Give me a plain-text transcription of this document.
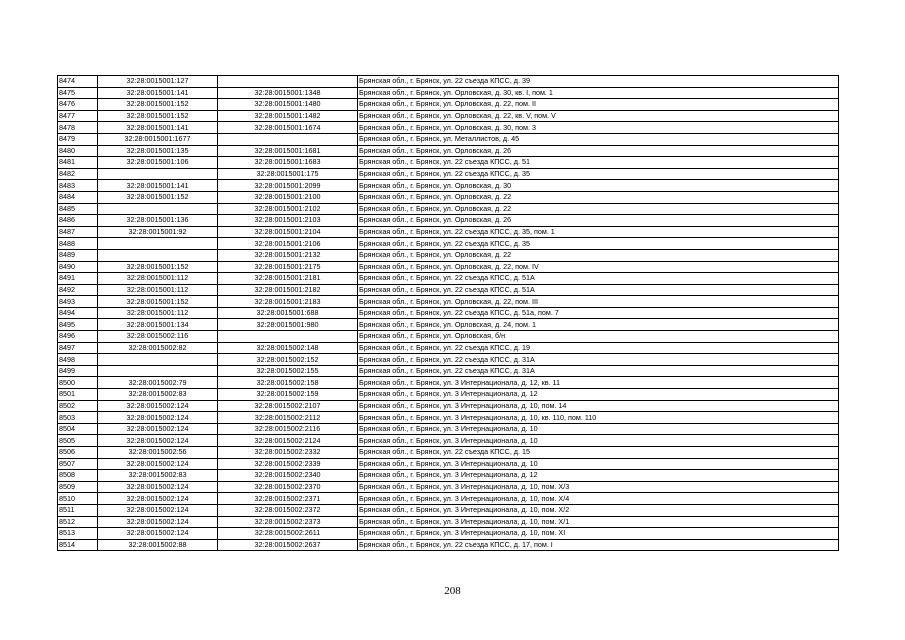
8474	32:28:0015001:127		Брянская обл., г. Брянск, ул. 22 съезда КПСС, д. 39
8475	32:28:0015001:141	32:28:0015001:1348	Брянская обл., г. Брянск, ул. Орловская, д. 30, кв. I, пом. 1
8476	32:28:0015001:152	32:28:0015001:1480	Брянская обл., г. Брянск, ул. Орловская, д. 22, пом. II
8477	32:28:0015001:152	32:28:0015001:1482	Брянская обл., г. Брянск, ул. Орловская, д. 22, кв. V, пом. V
8478	32:28:0015001:141	32:28:0015001:1674	Брянская обл., г. Брянск, ул. Орловская, д. 30, пом. 3
8479	32:28:0015001:1677		Брянская обл., г. Брянск, ул. Металлистов, д. 45
8480	32:28:0015001:135	32:28:0015001:1681	Брянская обл., г. Брянск, ул. Орловская, д. 26
8481	32:28:0015001:106	32:28:0015001:1683	Брянская обл., г. Брянск, ул. 22 съезда КПСС, д. 51
8482		32:28:0015001:175	Брянская обл., г. Брянск, ул. 22 съезда КПСС, д. 35
8483	32:28:0015001:141	32:28:0015001:2099	Брянская обл., г. Брянск, ул. Орловская, д. 30
8484	32:28:0015001:152	32:28:0015001:2100	Брянская обл., г. Брянск, ул. Орловская, д. 22
8485		32:28:0015001:2102	Брянская обл., г. Брянск, ул. Орловская, д. 22
8486	32:28:0015001:136	32:28:0015001:2103	Брянская обл., г. Брянск, ул. Орловская, д. 26
8487	32:28:0015001:92	32:28:0015001:2104	Брянская обл., г. Брянск, ул. 22 съезда КПСС, д. 35, пом. 1
8488		32:28:0015001:2106	Брянская обл., г. Брянск, ул. 22 съезда КПСС, д. 35
8489		32:28:0015001:2132	Брянская обл., г. Брянск, ул. Орловская, д. 22
8490	32:28:0015001:152	32:28:0015001:2175	Брянская обл., г. Брянск, ул. Орловская, д. 22, пом. IV
8491	32:28:0015001:112	32:28:0015001:2181	Брянская обл., г. Брянск, ул. 22 съезда КПСС, д. 51А
8492	32:28:0015001:112	32:28:0015001:2182	Брянская обл., г. Брянск, ул. 22 съезда КПСС, д. 51А
8493	32:28:0015001:152	32:28:0015001:2183	Брянская обл., г. Брянск, ул. Орловская, д. 22, пом. III
8494	32:28:0015001:112	32:28:0015001:688	Брянская обл., г. Брянск, ул. 22 съезда КПСС, д. 51а, пом. 7
8495	32:28:0015001:134	32:28:0015001:980	Брянская обл., г. Брянск, ул. Орловская, д. 24, пом. 1
8496	32:28:0015002:116		Брянская обл., г. Брянск, ул. Орловская, б/н
8497	32:28:0015002:82	32:28:0015002:148	Брянская обл., г. Брянск, ул. 22 съезда КПСС, д. 19
8498		32:28:0015002:152	Брянская обл., г. Брянск, ул. 22 съезда КПСС, д. 31А
8499		32:28:0015002:155	Брянская обл., г. Брянск, ул. 22 съезда КПСС, д. 31А
8500	32:28:0015002:79	32:28:0015002:158	Брянская обл., г. Брянск, ул. 3 Интернационала, д. 12, кв. 11
8501	32:28:0015002:83	32:28:0015002:159	Брянская обл., г. Брянск, ул. 3 Интернационала, д. 12
8502	32:28:0015002:124	32:28:0015002:2107	Брянская обл., г. Брянск, ул. 3 Интернационала, д. 10, пом. 14
8503	32:28:0015002:124	32:28:0015002:2112	Брянская обл., г. Брянск, ул. 3 Интернационала, д. 10, кв. 110, пом. 110
8504	32:28:0015002:124	32:28:0015002:2116	Брянская обл., г. Брянск, ул. 3 Интернационала, д. 10
8505	32:28:0015002:124	32:28:0015002:2124	Брянская обл., г. Брянск, ул. 3 Интернационала, д. 10
8506	32:28:0015002:56	32:28:0015002:2332	Брянская обл., г. Брянск, ул. 22 съезда КПСС, д. 15
8507	32:28:0015002:124	32:28:0015002:2339	Брянская обл., г. Брянск, ул. 3 Интернационала, д. 10
8508	32:28:0015002:83	32:28:0015002:2340	Брянская обл., г. Брянск, ул. 3 Интернационала, д. 12
8509	32:28:0015002:124	32:28:0015002:2370	Брянская обл., г. Брянск, ул. 3 Интернационала, д. 10, пом. Х/3
8510	32:28:0015002:124	32:28:0015002:2371	Брянская обл., г. Брянск, ул. 3 Интернационала, д. 10, пом. Х/4
8511	32:28:0015002:124	32:28:0015002:2372	Брянская обл., г. Брянск, ул. 3 Интернационала, д. 10, пом. Х/2
8512	32:28:0015002:124	32:28:0015002:2373	Брянская обл., г. Брянск, ул. 3 Интернационала, д. 10, пом. Х/1
8513	32:28:0015002:124	32:28:0015002:2611	Брянская обл., г. Брянск, ул. 3 Интернационала, д. 10, пом. XI
8514	32:28:0015002:88	32:28:0015002:2637	Брянская обл., г. Брянск, ул. 22 съезда КПСС, д. 17, пом. I
208
